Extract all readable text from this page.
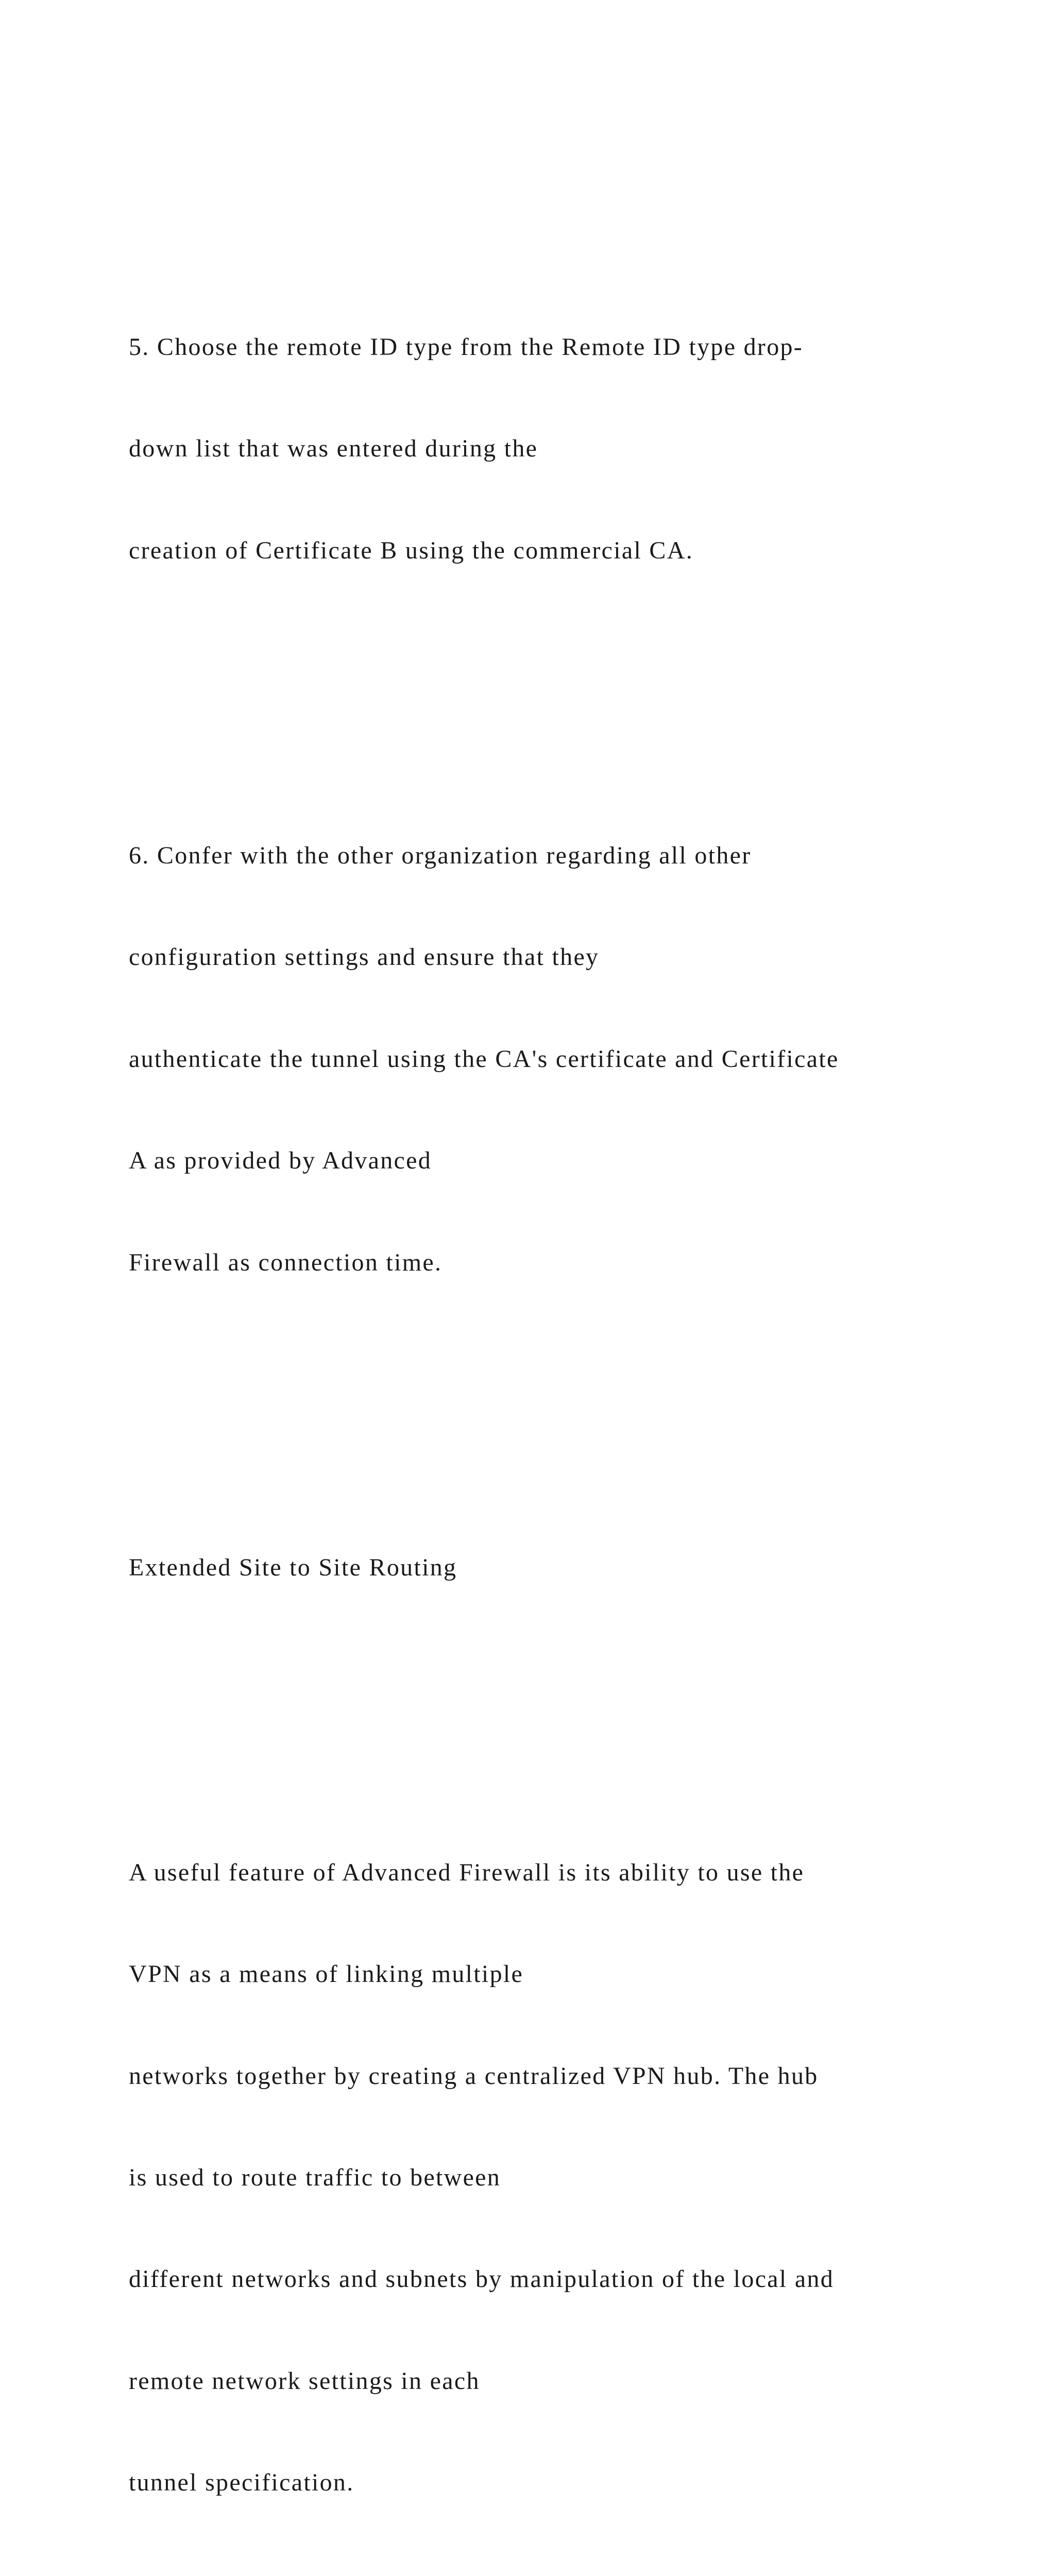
5. Choose the remote ID type from the Remote ID type drop-

down list that was entered during the

creation of Certificate B using the commercial CA.

6. Confer with the other organization regarding all other

configuration settings and ensure that they

authenticate the tunnel using the CA's certificate and Certificate

A as provided by Advanced

Firewall as connection time.

Extended Site to Site Routing

A useful feature of Advanced Firewall is its ability to use the

VPN as a means of linking multiple

networks together by creating a centralized VPN hub. The hub

is used to route traffic to between

different networks and subnets by manipulation of the local and

remote network settings in each

tunnel specification.
